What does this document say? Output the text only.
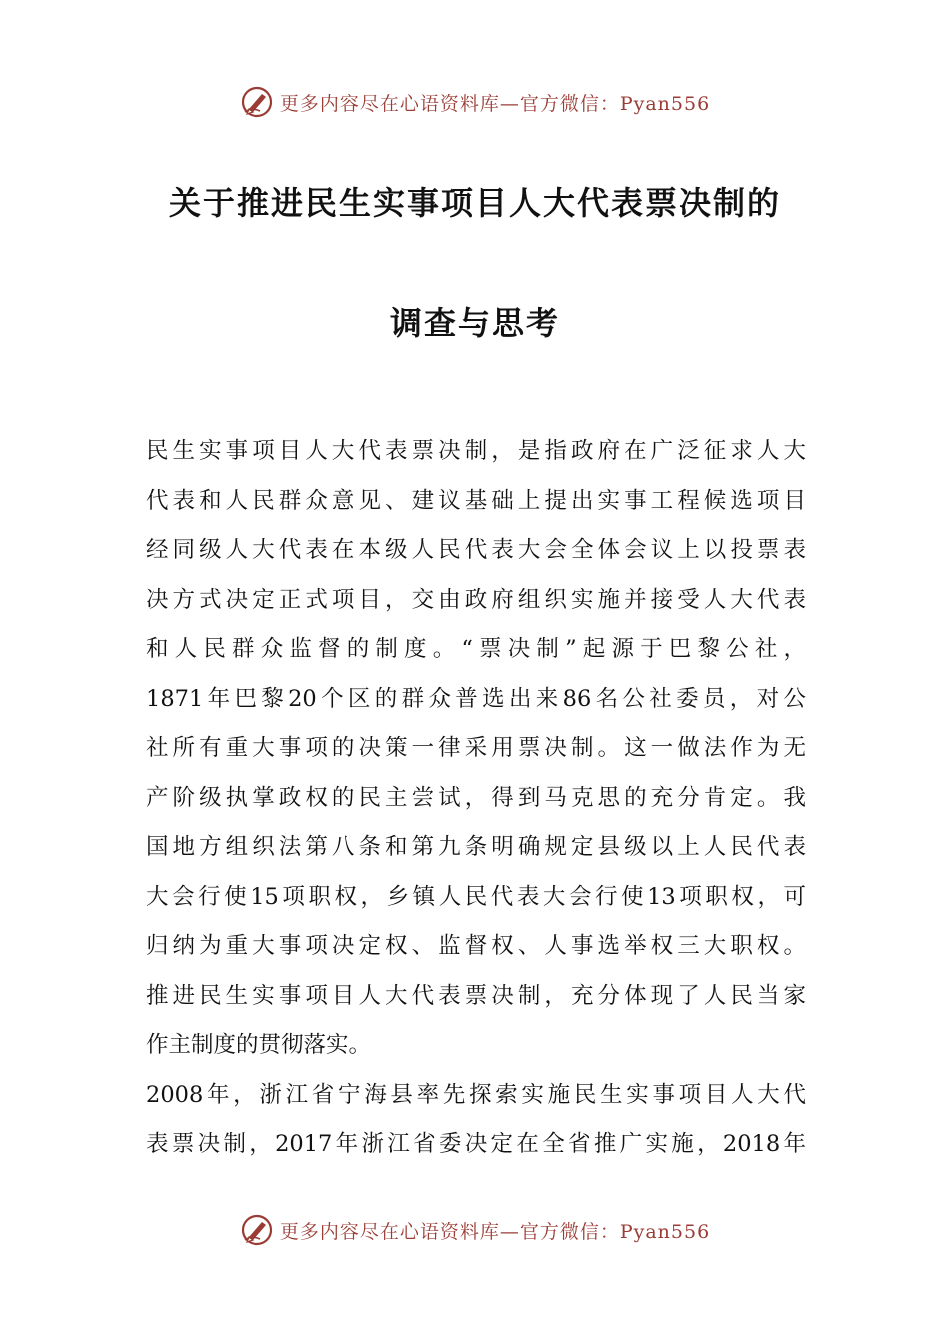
更多内容尽在心语资料库—官方微信：Pyan556
关于推进民生实事项目人大代表票决制的
调查与思考
民生实事项目人大代表票决制，是指政府在广泛征求人大
代表和人民群众意见、建议基础上提出实事工程候选项目
经同级人大代表在本级人民代表大会全体会议上以投票表
决方式决定正式项目，交由政府组织实施并接受人大代表
和人民群众监督的制度。“票决制”起源于巴黎公社，
1871年巴黎20个区的群众普选出来86名公社委员，对公
社所有重大事项的决策一律采用票决制。这一做法作为无
产阶级执掌政权的民主尝试，得到马克思的充分肯定。我
国地方组织法第八条和第九条明确规定县级以上人民代表
大会行使15项职权，乡镇人民代表大会行使13项职权，可
归纳为重大事项决定权、监督权、人事选举权三大职权。
推进民生实事项目人大代表票决制，充分体现了人民当家
作主制度的贯彻落实。
2008年，浙江省宁海县率先探索实施民生实事项目人大代
表票决制，2017年浙江省委决定在全省推广实施，2018年
更多内容尽在心语资料库—官方微信：Pyan556
